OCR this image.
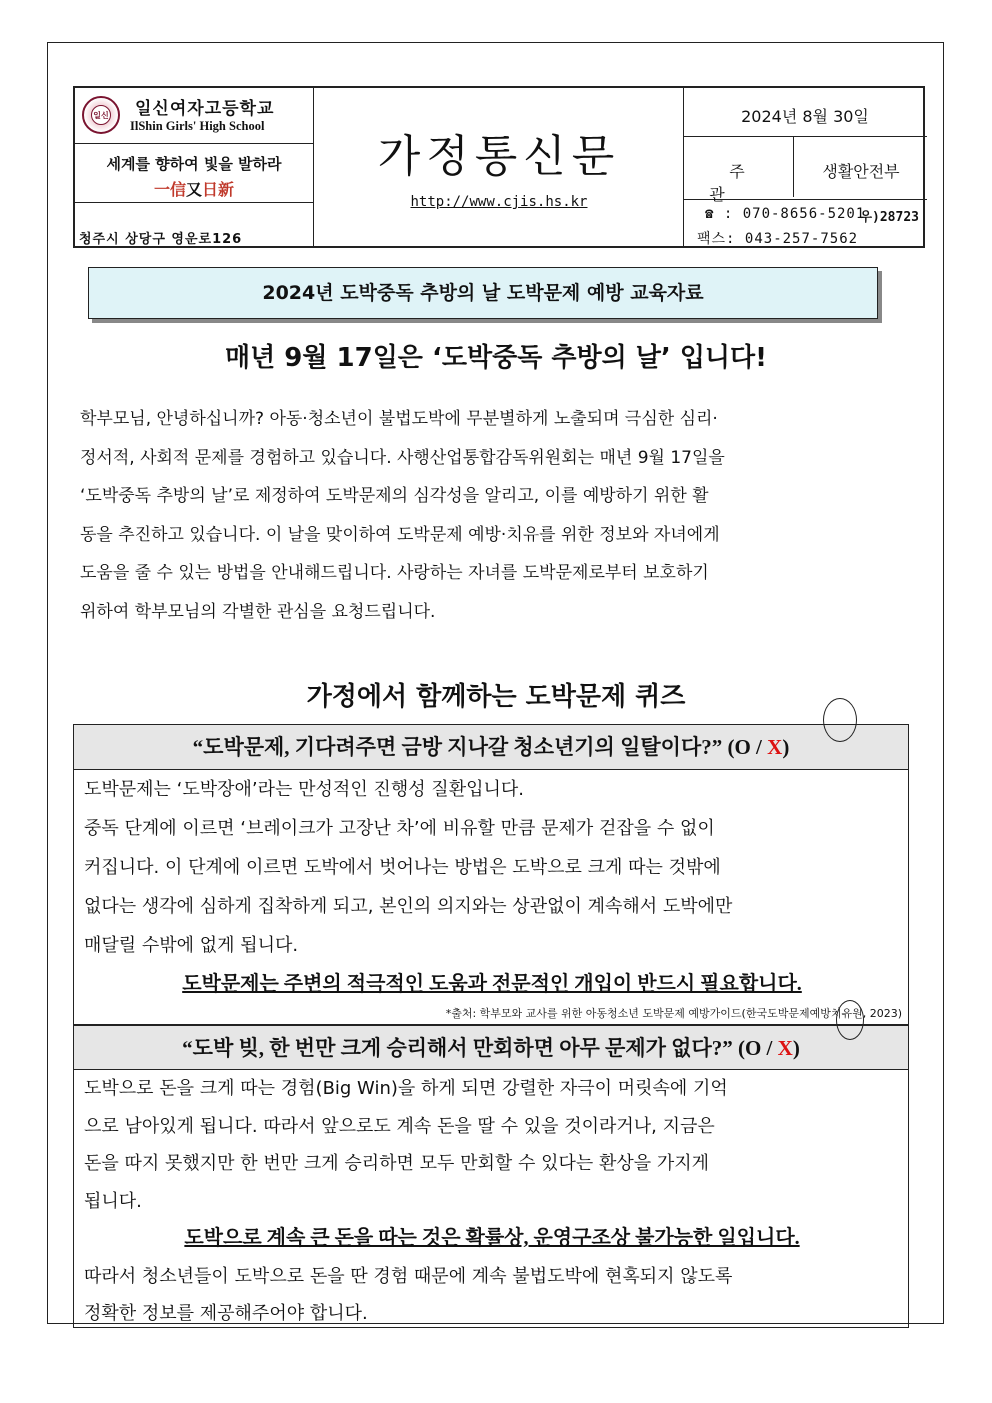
일신	일신여자고등학교
IlShin Girls' High School
세계를 향하여 빛을 발하라
一信又日新
우)28723
청주시 상당구 영운로126
가정통신문
http://www.cjis.hs.kr
2024년 8월 30일
주관
생활안전부
☎ : 070-8656-5201
팩스: 043-257-7562
2024년 도박중독 추방의 날 도박문제 예방 교육자료
매년 9월 17일은 ‘도박중독 추방의 날’ 입니다!
학부모님, 안녕하십니까? 아동·청소년이 불법도박에 무분별하게 노출되며 극심한 심리·
정서적, 사회적 문제를 경험하고 있습니다. 사행산업통합감독위원회는 매년 9월 17일을
‘도박중독 추방의 날’로 제정하여 도박문제의 심각성을 알리고, 이를 예방하기 위한 활
동을 추진하고 있습니다. 이 날을 맞이하여 도박문제 예방·치유를 위한 정보와 자녀에게
도움을 줄 수 있는 방법을 안내해드립니다. 사랑하는 자녀를 도박문제로부터 보호하기
위하여 학부모님의 각별한 관심을 요청드립니다.
가정에서 함께하는 도박문제 퀴즈
“도박문제, 기다려주면 금방 지나갈 청소년기의 일탈이다?” (O / X)
도박문제는 ‘도박장애’라는 만성적인 진행성 질환입니다.
중독 단계에 이르면 ‘브레이크가 고장난 차’에 비유할 만큼 문제가 걷잡을 수 없이
커집니다. 이 단계에 이르면 도박에서 벗어나는 방법은 도박으로 크게 따는 것밖에
없다는 생각에 심하게 집착하게 되고, 본인의 의지와는 상관없이 계속해서 도박에만
매달릴 수밖에 없게 됩니다.
도박문제는 주변의 적극적인 도움과 전문적인 개입이 반드시 필요합니다.
*출처: 학부모와 교사를 위한 아동청소년 도박문제 예방가이드(한국도박문제예방치유원, 2023)
“도박 빚, 한 번만 크게 승리해서 만회하면 아무 문제가 없다?” (O / X)
도박으로 돈을 크게 따는 경험(Big Win)을 하게 되면 강렬한 자극이 머릿속에 기억
으로 남아있게 됩니다. 따라서 앞으로도 계속 돈을 딸 수 있을 것이라거나, 지금은
돈을 따지 못했지만 한 번만 크게 승리하면 모두 만회할 수 있다는 환상을 가지게
됩니다.
도박으로 계속 큰 돈을 따는 것은 확률상, 운영구조상 불가능한 일입니다.
따라서 청소년들이 도박으로 돈을 딴 경험 때문에 계속 불법도박에 현혹되지 않도록
정확한 정보를 제공해주어야 합니다.
